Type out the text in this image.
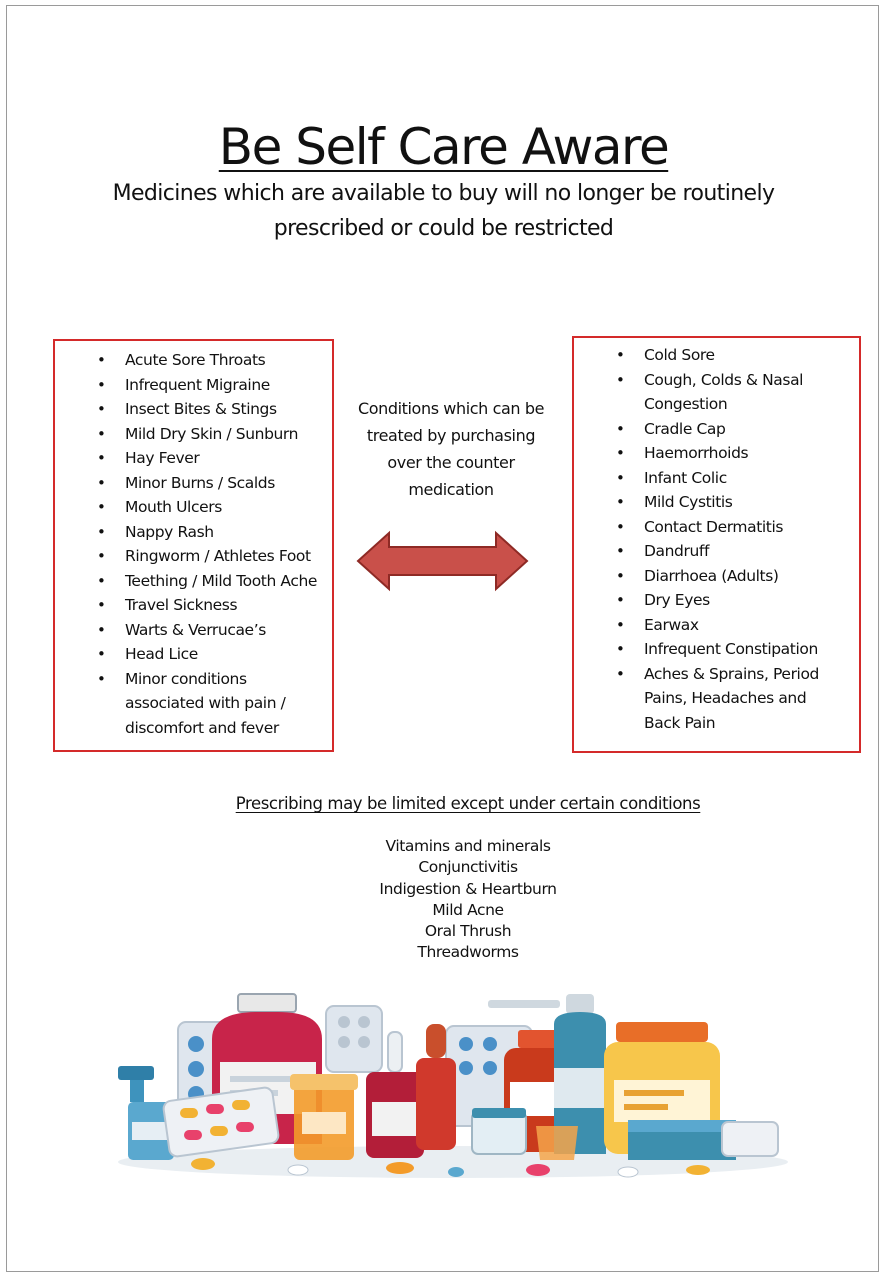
Be Self Care Aware
Medicines which are available to buy will no longer be routinely prescribed or could be restricted
• Acute Sore Throats
• Infrequent Migraine
• Insect Bites & Stings
• Mild Dry Skin / Sunburn
• Hay Fever
• Minor Burns / Scalds
• Mouth Ulcers
• Nappy Rash
• Ringworm / Athletes Foot
• Teething / Mild Tooth Ache
• Travel Sickness
• Warts & Verrucae’s
• Head Lice
• Minor conditions associated with pain / discomfort and fever
Conditions which can be treated by purchasing over the counter medication
• Cold Sore
• Cough, Colds & Nasal Congestion
• Cradle Cap
• Haemorrhoids
• Infant Colic
• Mild Cystitis
• Contact Dermatitis
• Dandruff
• Diarrhoea (Adults)
• Dry Eyes
• Earwax
• Infrequent Constipation
• Aches & Sprains, Period Pains, Headaches and Back Pain
Prescribing may be limited except under certain conditions
Vitamins and minerals
Conjunctivitis
Indigestion & Heartburn
Mild Acne
Oral Thrush
Threadworms
